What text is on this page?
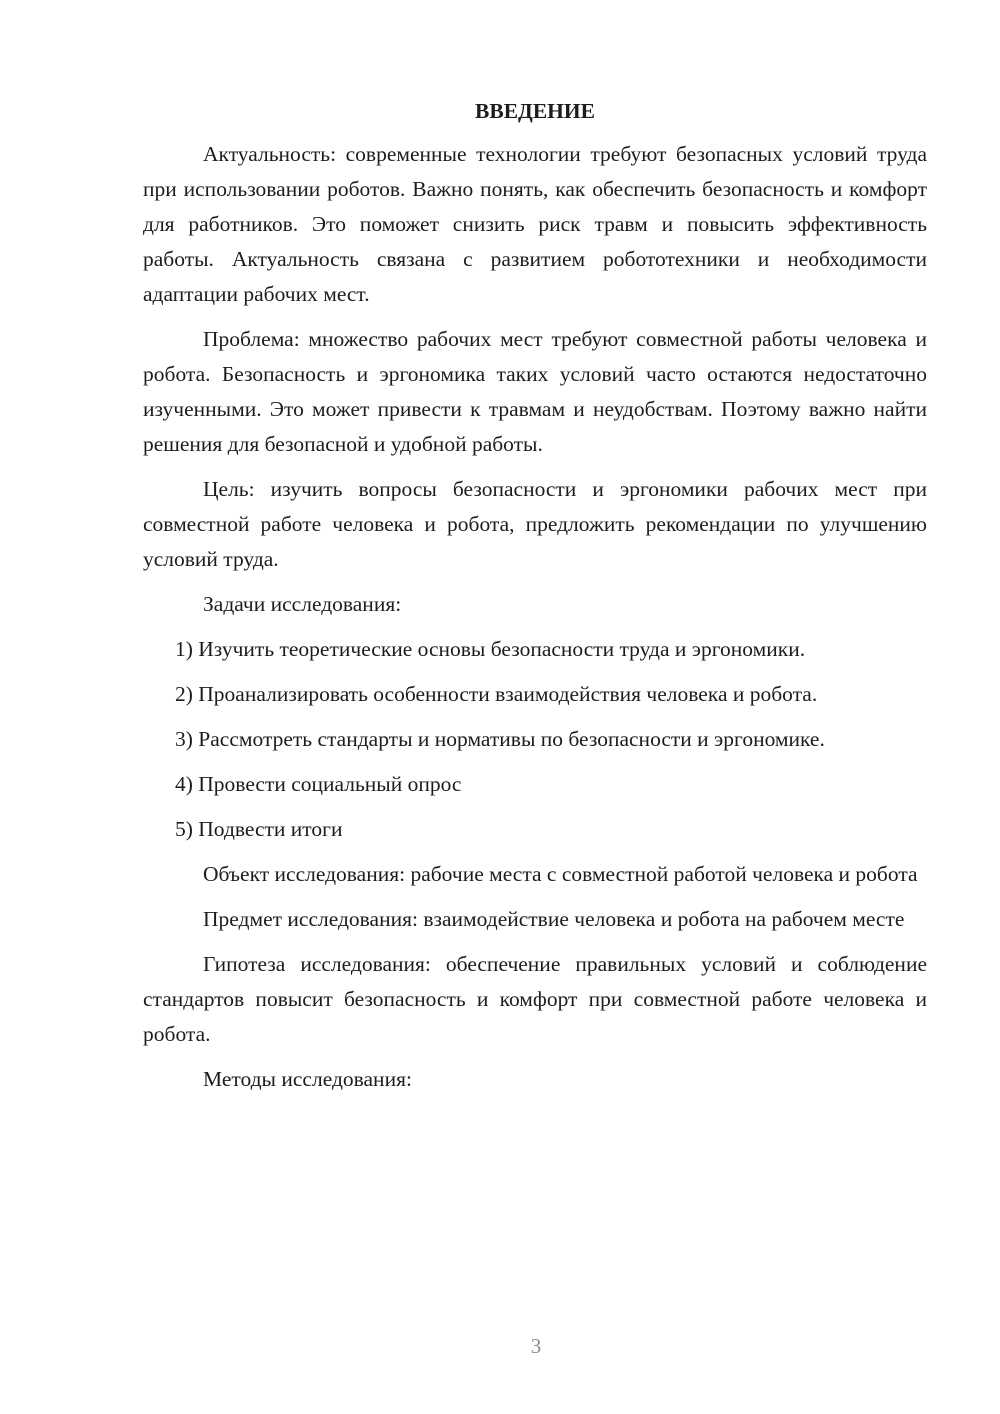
ВВЕДЕНИЕ

Актуальность: современные технологии требуют безопасных условий труда при использовании роботов. Важно понять, как обеспечить безопасность и комфорт для работников. Это поможет снизить риск травм и повысить эффективность работы. Актуальность связана с развитием робототехники и необходимости адаптации рабочих мест.

Проблема: множество рабочих мест требуют совместной работы человека и робота. Безопасность и эргономика таких условий часто остаются недостаточно изученными. Это может привести к травмам и неудобствам. Поэтому важно найти решения для безопасной и удобной работы.

Цель: изучить вопросы безопасности и эргономики рабочих мест при совместной работе человека и робота, предложить рекомендации по улучшению условий труда.

Задачи исследования:

1) Изучить теоретические основы безопасности труда и эргономики.

2) Проанализировать особенности взаимодействия человека и робота.

3) Рассмотреть стандарты и нормативы по безопасности и эргономике.

4) Провести социальный опрос

5) Подвести итоги

Объект исследования: рабочие места с совместной работой человека и робота

Предмет исследования: взаимодействие человека и робота на рабочем месте

Гипотеза исследования: обеспечение правильных условий и соблюдение стандартов повысит безопасность и комфорт при совместной работе человека и робота.

Методы исследования:

3
